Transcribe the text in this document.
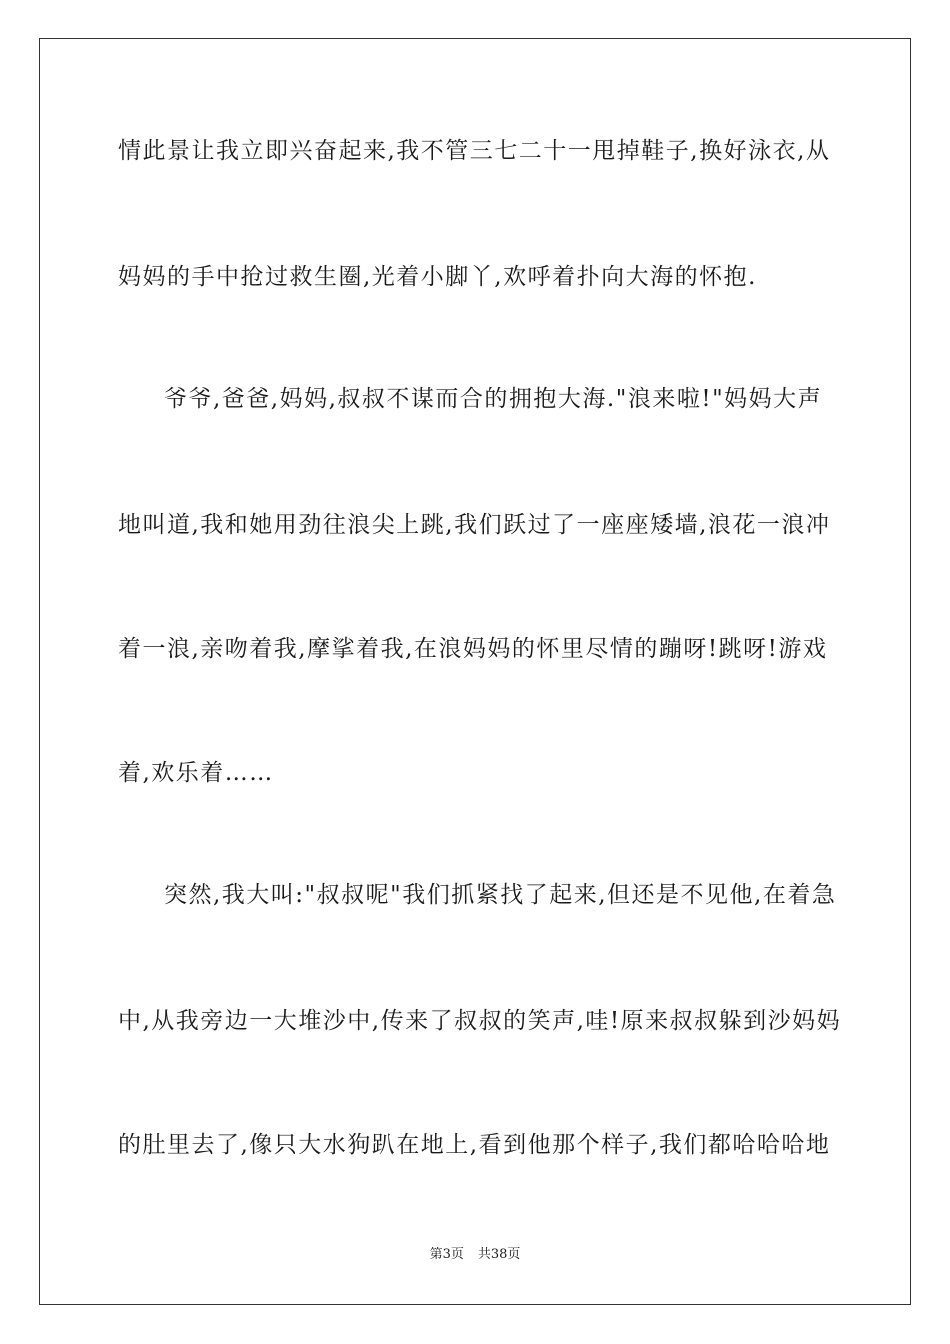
情此景让我立即兴奋起来,我不管三七二十一甩掉鞋子,换好泳衣,从
妈妈的手中抢过救生圈,光着小脚丫,欢呼着扑向大海的怀抱.
爷爷,爸爸,妈妈,叔叔不谋而合的拥抱大海."浪来啦!"妈妈大声
地叫道,我和她用劲往浪尖上跳,我们跃过了一座座矮墙,浪花一浪冲
着一浪,亲吻着我,摩挲着我,在浪妈妈的怀里尽情的蹦呀!跳呀!游戏
着,欢乐着……
突然,我大叫:"叔叔呢"我们抓紧找了起来,但还是不见他,在着急
中,从我旁边一大堆沙中,传来了叔叔的笑声,哇!原来叔叔躲到沙妈妈
的肚里去了,像只大水狗趴在地上,看到他那个样子,我们都哈哈哈地
第3页 共38页
